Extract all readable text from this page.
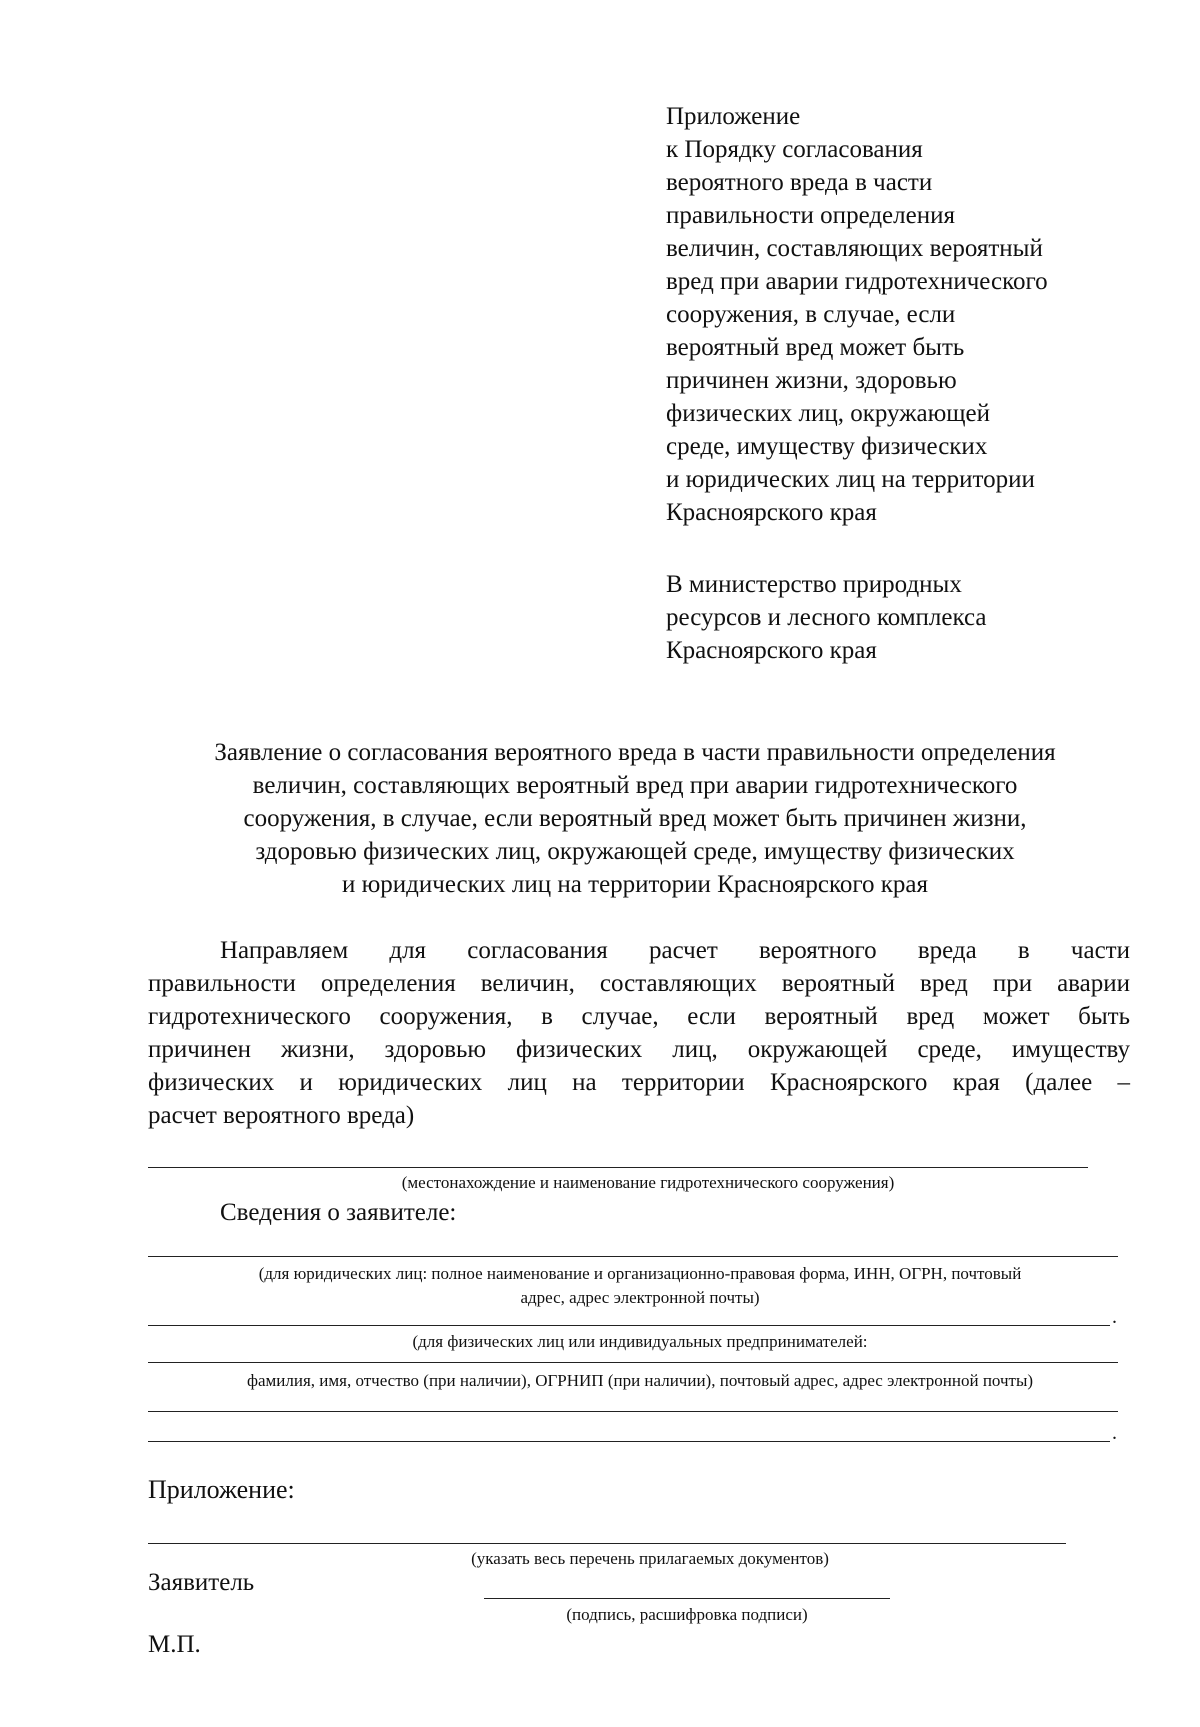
Приложение
к Порядку согласования
вероятного вреда в части
правильности определения
величин, составляющих вероятный
вред при аварии гидротехнического
сооружения, в случае, если
вероятный вред может быть
причинен жизни, здоровью
физических лиц, окружающей
среде, имуществу физических
и юридических лиц на территории
Красноярского края
В министерство природных
ресурсов и лесного комплекса
Красноярского края
Заявление о согласования вероятного вреда в части правильности определения
величин, составляющих вероятный вред при аварии гидротехнического
сооружения, в случае, если вероятный вред может быть причинен жизни,
здоровью физических лиц, окружающей среде, имуществу физических
и юридических лиц на территории Красноярского края
Направляем для согласования расчет вероятного вреда в части
правильности определения величин, составляющих вероятный вред при аварии
гидротехнического сооружения, в случае, если вероятный вред может быть
причинен жизни, здоровью физических лиц, окружающей среде, имуществу
физических и юридических лиц на территории Красноярского края (далее –
расчет вероятного вреда)
(местонахождение и наименование гидротехнического сооружения)
Сведения о заявителе:
(для юридических лиц: полное наименование и организационно-правовая форма, ИНН, ОГРН, почтовый
адрес, адрес электронной почты)
.
(для физических лиц или индивидуальных предпринимателей:
фамилия, имя, отчество (при наличии), ОГРНИП (при наличии), почтовый адрес, адрес электронной почты)
.
Приложение:
(указать весь перечень прилагаемых документов)
Заявитель
(подпись, расшифровка подписи)
М.П.
